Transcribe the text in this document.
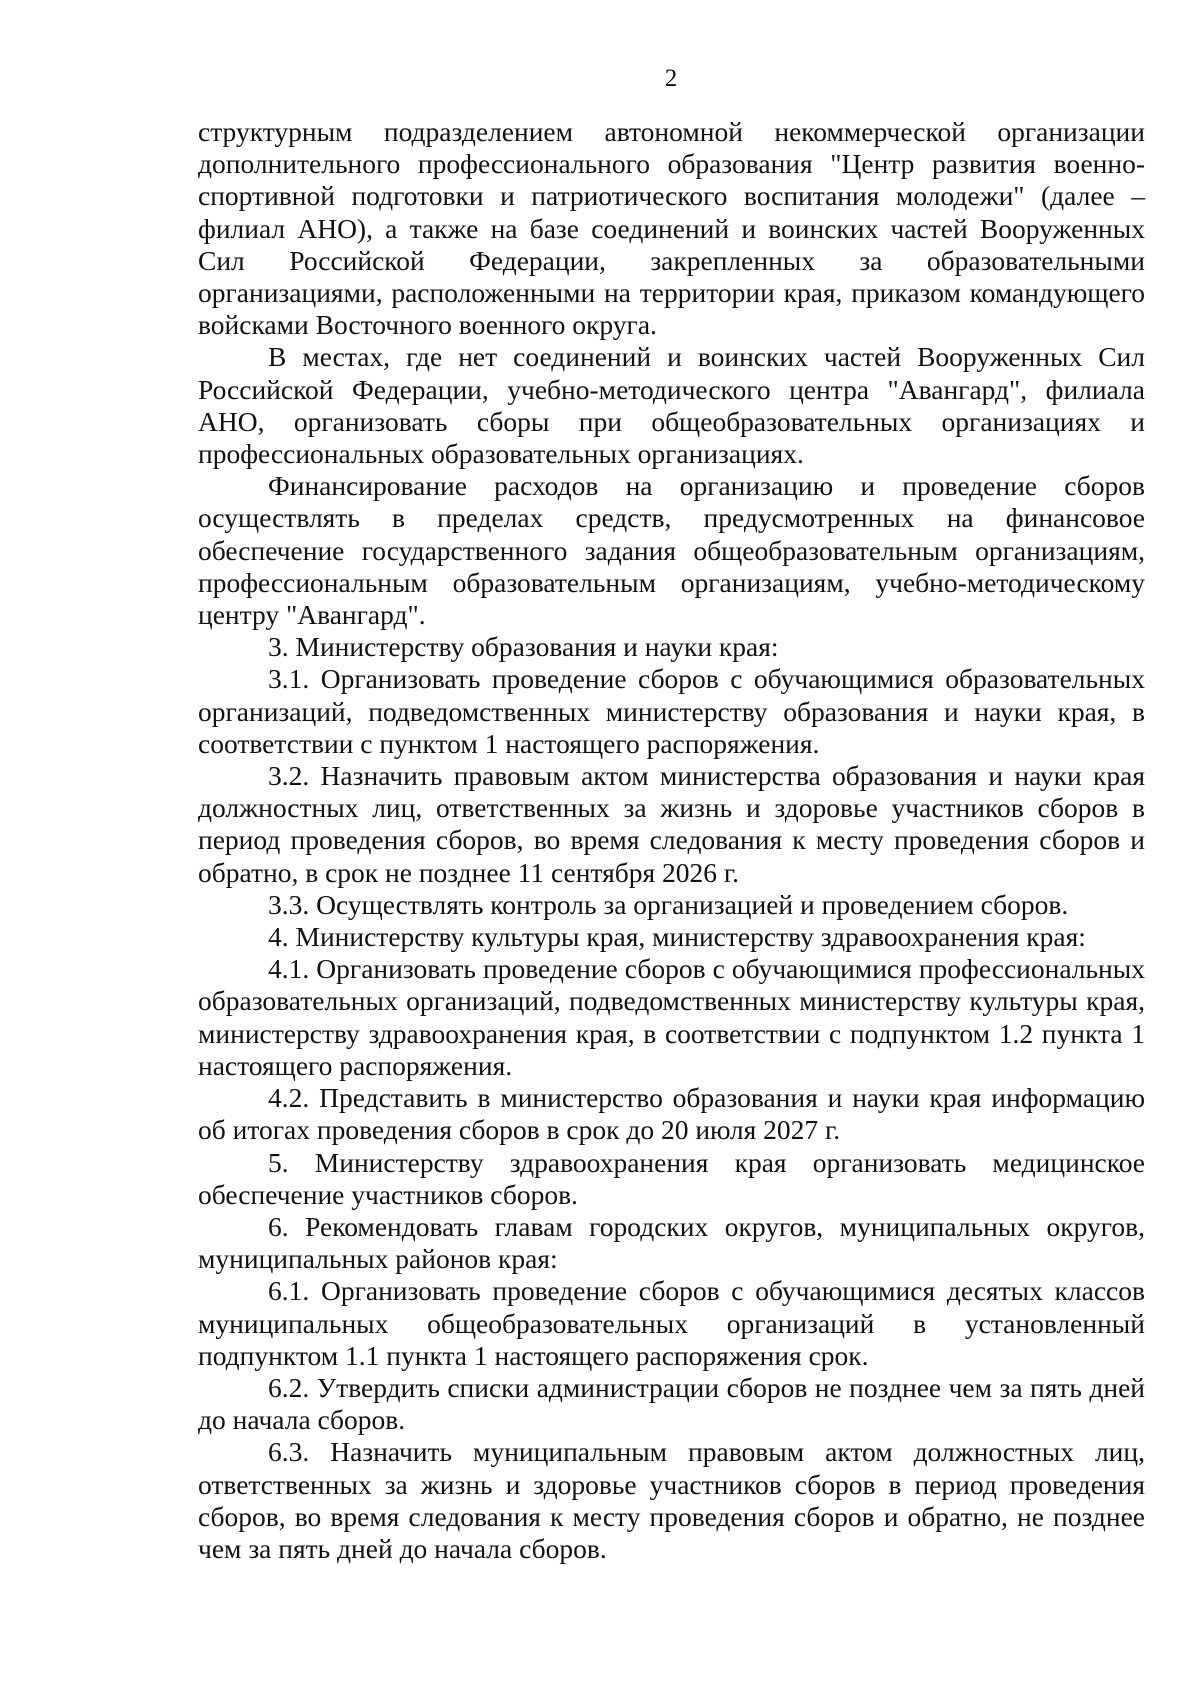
2

структурным подразделением автономной некоммерческой организации дополнительного профессионального образования "Центр развития военно-спортивной подготовки и патриотического воспитания молодежи" (далее – филиал АНО), а также на базе соединений и воинских частей Вооруженных Сил Российской Федерации, закрепленных за образовательными организациями, расположенными на территории края, приказом командующего войсками Восточного военного округа.

В местах, где нет соединений и воинских частей Вооруженных Сил Российской Федерации, учебно-методического центра "Авангард", филиала АНО, организовать сборы при общеобразовательных организациях и профессиональных образовательных организациях.

Финансирование расходов на организацию и проведение сборов осуществлять в пределах средств, предусмотренных на финансовое обеспечение государственного задания общеобразовательным организациям, профессиональным образовательным организациям, учебно-методическому центру "Авангард".

3. Министерству образования и науки края:

3.1. Организовать проведение сборов с обучающимися образовательных организаций, подведомственных министерству образования и науки края, в соответствии с пунктом 1 настоящего распоряжения.

3.2. Назначить правовым актом министерства образования и науки края должностных лиц, ответственных за жизнь и здоровье участников сборов в период проведения сборов, во время следования к месту проведения сборов и обратно, в срок не позднее 11 сентября 2026 г.

3.3. Осуществлять контроль за организацией и проведением сборов.

4. Министерству культуры края, министерству здравоохранения края:

4.1. Организовать проведение сборов с обучающимися профессиональных образовательных организаций, подведомственных министерству культуры края, министерству здравоохранения края, в соответствии с подпунктом 1.2 пункта 1 настоящего распоряжения.

4.2. Представить в министерство образования и науки края информацию об итогах проведения сборов в срок до 20 июля 2027 г.

5. Министерству здравоохранения края организовать медицинское обеспечение участников сборов.

6. Рекомендовать главам городских округов, муниципальных округов, муниципальных районов края:

6.1. Организовать проведение сборов с обучающимися десятых классов муниципальных общеобразовательных организаций в установленный подпунктом 1.1 пункта 1 настоящего распоряжения срок.

6.2. Утвердить списки администрации сборов не позднее чем за пять дней до начала сборов.

6.3. Назначить муниципальным правовым актом должностных лиц, ответственных за жизнь и здоровье участников сборов в период проведения сборов, во время следования к месту проведения сборов и обратно, не позднее чем за пять дней до начала сборов.
